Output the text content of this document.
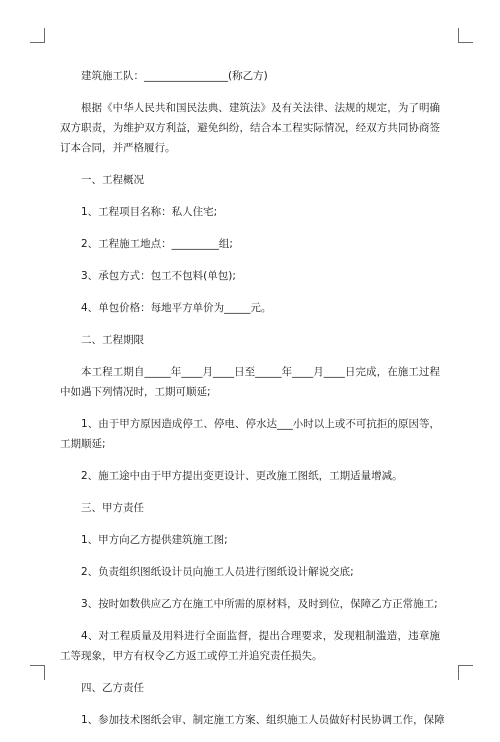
建筑施工队：________________(称乙方)

根据《中华人民共和国民法典、建筑法》及有关法律、法规的规定，为了明确双方职责，为维护双方利益，避免纠纷，结合本工程实际情况，经双方共同协商签订本合同，并严格履行。

一、工程概况

1、工程项目名称：私人住宅;

2、工程施工地点：_________组;

3、承包方式：包工不包料(单包);

4、单包价格：每地平方单价为_____元。

二、工程期限

本工程工期自_____年____月____日至_____年____月____日完成，在施工过程中如遇下列情况时，工期可顺延;

1、由于甲方原因造成停工、停电、停水达___小时以上或不可抗拒的原因等，工期顺延;

2、施工途中由于甲方提出变更设计、更改施工图纸，工期适量增减。

三、甲方责任

1、甲方向乙方提供建筑施工图;

2、负责组织图纸设计员向施工人员进行图纸设计解说交底;

3、按时如数供应乙方在施工中所需的原材料，及时到位，保障乙方正常施工;

4、对工程质量及用料进行全面监督，提出合理要求，发现粗制滥造，违章施工等现象，甲方有权令乙方返工或停工并追究责任损失。

四、乙方责任

1、参加技术图纸会审、制定施工方案、组织施工人员做好村民协调工作，保障
